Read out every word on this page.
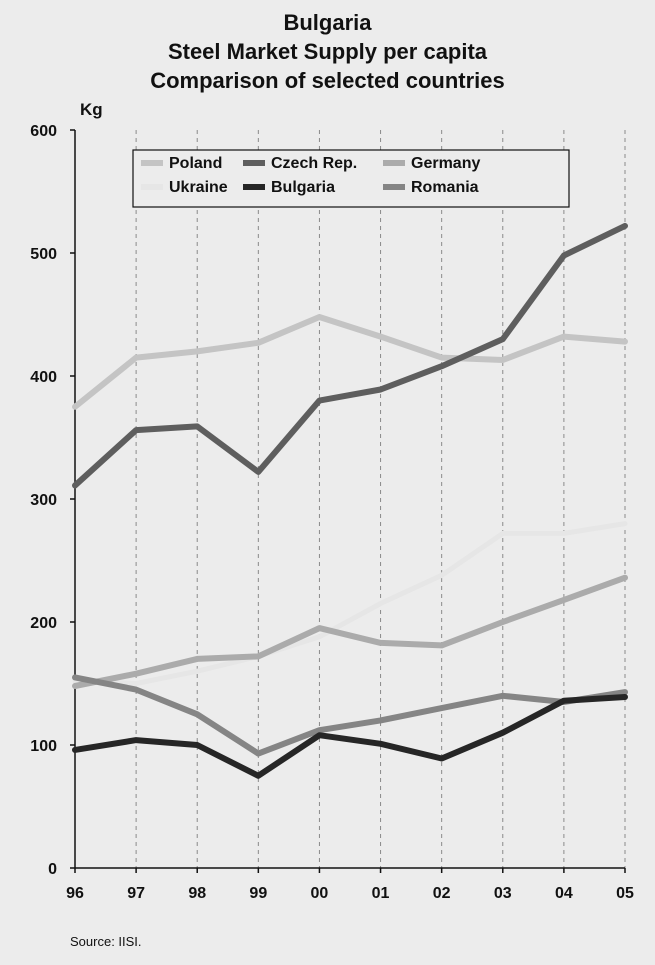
Bulgaria
Steel Market Supply per capita
Comparison of selected countries
Kg
0
100
200
300
400
500
600
96	97	98	99	00	01	02	03	04	05
Poland	Czech Rep.	Germany
Ukraine	Bulgaria	Romania
Source: IISI.
